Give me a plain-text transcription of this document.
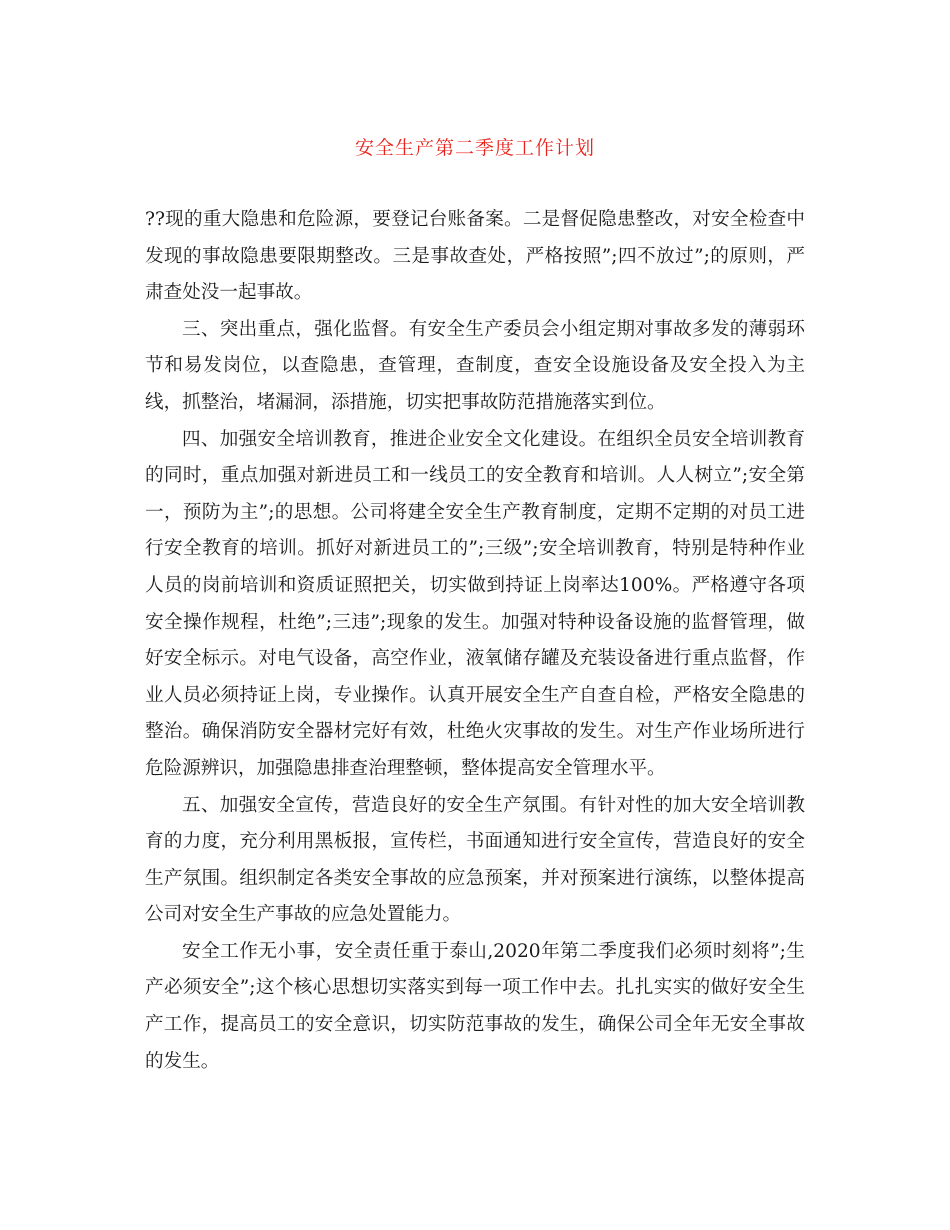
安全生产第二季度工作计划

??现的重大隐患和危险源，要登记台账备案。二是督促隐患整改，对安全检查中发现的事故隐患要限期整改。三是事故查处，严格按照”;四不放过”;的原则，严肃查处没一起事故。

三、突出重点，强化监督。有安全生产委员会小组定期对事故多发的薄弱环节和易发岗位，以查隐患，查管理，查制度，查安全设施设备及安全投入为主线，抓整治，堵漏洞，添措施，切实把事故防范措施落实到位。

四、加强安全培训教育，推进企业安全文化建设。在组织全员安全培训教育的同时，重点加强对新进员工和一线员工的安全教育和培训。人人树立”;安全第一，预防为主”;的思想。公司将建全安全生产教育制度，定期不定期的对员工进行安全教育的培训。抓好对新进员工的”;三级”;安全培训教育，特别是特种作业人员的岗前培训和资质证照把关，切实做到持证上岗率达100%。严格遵守各项安全操作规程，杜绝”;三违”;现象的发生。加强对特种设备设施的监督管理，做好安全标示。对电气设备，高空作业，液氧储存罐及充装设备进行重点监督，作业人员必须持证上岗，专业操作。认真开展安全生产自查自检，严格安全隐患的整治。确保消防安全器材完好有效，杜绝火灾事故的发生。对生产作业场所进行危险源辨识，加强隐患排查治理整顿，整体提高安全管理水平。

五、加强安全宣传，营造良好的安全生产氛围。有针对性的加大安全培训教育的力度，充分利用黑板报，宣传栏，书面通知进行安全宣传，营造良好的安全生产氛围。组织制定各类安全事故的应急预案，并对预案进行演练，以整体提高公司对安全生产事故的应急处置能力。

安全工作无小事，安全责任重于泰山,2020年第二季度我们必须时刻将”;生产必须安全”;这个核心思想切实落实到每一项工作中去。扎扎实实的做好安全生产工作，提高员工的安全意识，切实防范事故的发生，确保公司全年无安全事故的发生。
